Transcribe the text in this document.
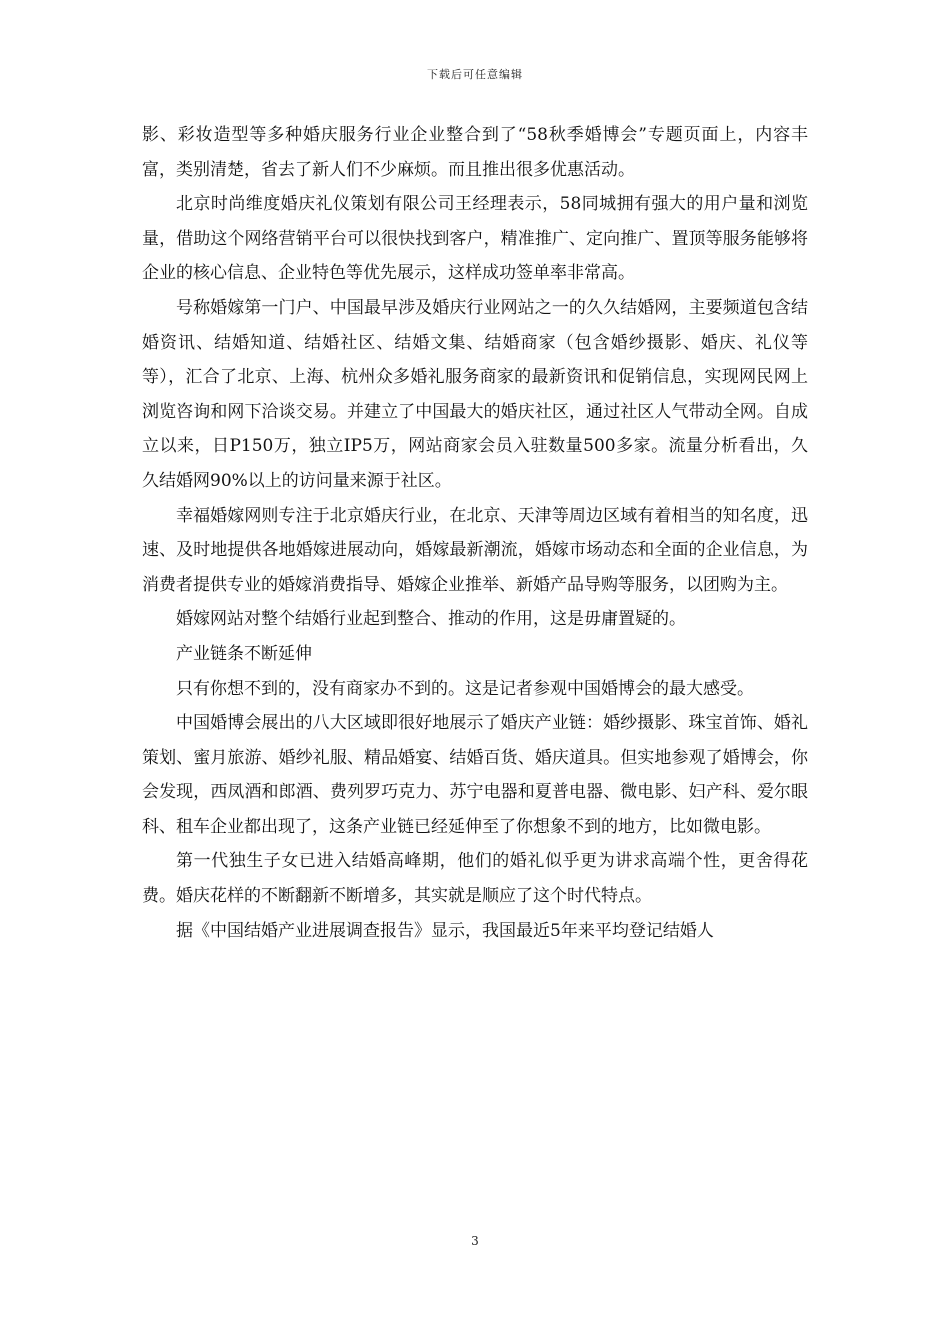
下载后可任意编辑

影、彩妆造型等多种婚庆服务行业企业整合到了“58秋季婚博会”专题页面上，内容丰富，类别清楚，省去了新人们不少麻烦。而且推出很多优惠活动。

北京时尚维度婚庆礼仪策划有限公司王经理表示，58同城拥有强大的用户量和浏览量，借助这个网络营销平台可以很快找到客户，精准推广、定向推广、置顶等服务能够将企业的核心信息、企业特色等优先展示，这样成功签单率非常高。

号称婚嫁第一门户、中国最早涉及婚庆行业网站之一的久久结婚网，主要频道包含结婚资讯、结婚知道、结婚社区、结婚文集、结婚商家（包含婚纱摄影、婚庆、礼仪等等），汇合了北京、上海、杭州众多婚礼服务商家的最新资讯和促销信息，实现网民网上浏览咨询和网下洽谈交易。并建立了中国最大的婚庆社区，通过社区人气带动全网。自成立以来，日P150万，独立IP5万，网站商家会员入驻数量500多家。流量分析看出，久久结婚网90%以上的访问量来源于社区。

幸福婚嫁网则专注于北京婚庆行业，在北京、天津等周边区域有着相当的知名度，迅速、及时地提供各地婚嫁进展动向，婚嫁最新潮流，婚嫁市场动态和全面的企业信息，为消费者提供专业的婚嫁消费指导、婚嫁企业推举、新婚产品导购等服务，以团购为主。

婚嫁网站对整个结婚行业起到整合、推动的作用，这是毋庸置疑的。

产业链条不断延伸

只有你想不到的，没有商家办不到的。这是记者参观中国婚博会的最大感受。

中国婚博会展出的八大区域即很好地展示了婚庆产业链：婚纱摄影、珠宝首饰、婚礼策划、蜜月旅游、婚纱礼服、精品婚宴、结婚百货、婚庆道具。但实地参观了婚博会，你会发现，西凤酒和郎酒、费列罗巧克力、苏宁电器和夏普电器、微电影、妇产科、爱尔眼科、租车企业都出现了，这条产业链已经延伸至了你想象不到的地方，比如微电影。

第一代独生子女已进入结婚高峰期，他们的婚礼似乎更为讲求高端个性，更舍得花费。婚庆花样的不断翻新不断增多，其实就是顺应了这个时代特点。

据《中国结婚产业进展调查报告》显示，我国最近5年来平均登记结婚人

3
